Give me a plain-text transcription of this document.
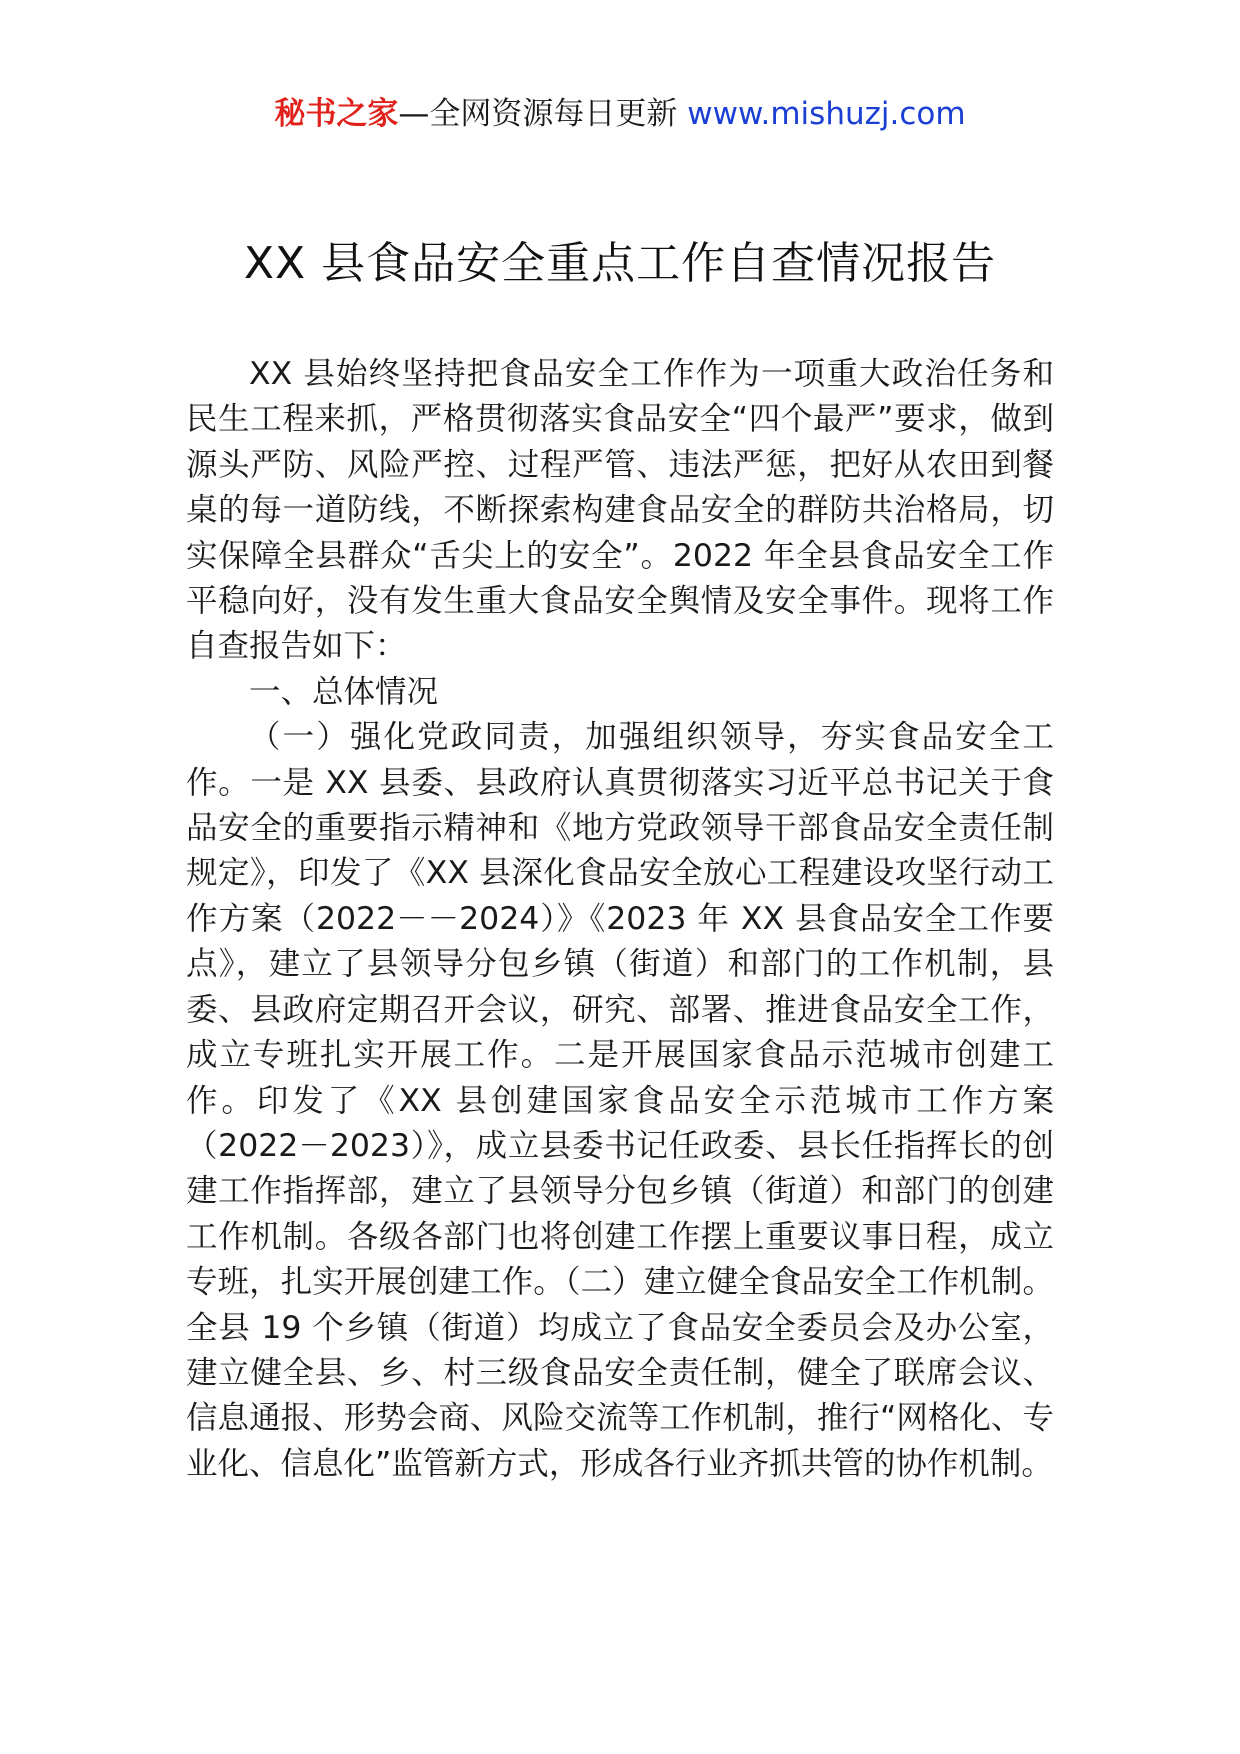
秘书之家—全网资源每日更新 www.mishuzj.com
XX 县食品安全重点工作自查情况报告

XX 县始终坚持把食品安全工作作为一项重大政治任务和民生工程来抓，严格贯彻落实食品安全“四个最严”要求，做到源头严防、风险严控、过程严管、违法严惩，把好从农田到餐桌的每一道防线，不断探索构建食品安全的群防共治格局，切实保障全县群众“舌尖上的安全”。2022 年全县食品安全工作平稳向好，没有发生重大食品安全舆情及安全事件。现将工作自查报告如下：

一、总体情况

（一）强化党政同责，加强组织领导，夯实食品安全工作。一是 XX 县委、县政府认真贯彻落实习近平总书记关于食品安全的重要指示精神和《地方党政领导干部食品安全责任制规定》，印发了《XX 县深化食品安全放心工程建设攻坚行动工作方案（2022－－2024）》《2023 年 XX 县食品安全工作要点》，建立了县领导分包乡镇（街道）和部门的工作机制，县委、县政府定期召开会议，研究、部署、推进食品安全工作，成立专班扎实开展工作。二是开展国家食品示范城市创建工作。印发了《XX 县创建国家食品安全示范城市工作方案（2022－2023）》，成立县委书记任政委、县长任指挥长的创建工作指挥部，建立了县领导分包乡镇（街道）和部门的创建工作机制。各级各部门也将创建工作摆上重要议事日程，成立专班，扎实开展创建工作。（二）建立健全食品安全工作机制。全县 19 个乡镇（街道）均成立了食品安全委员会及办公室，建立健全县、乡、村三级食品安全责任制，健全了联席会议、信息通报、形势会商、风险交流等工作机制，推行“网格化、专业化、信息化”监管新方式，形成各行业齐抓共管的协作机制。
